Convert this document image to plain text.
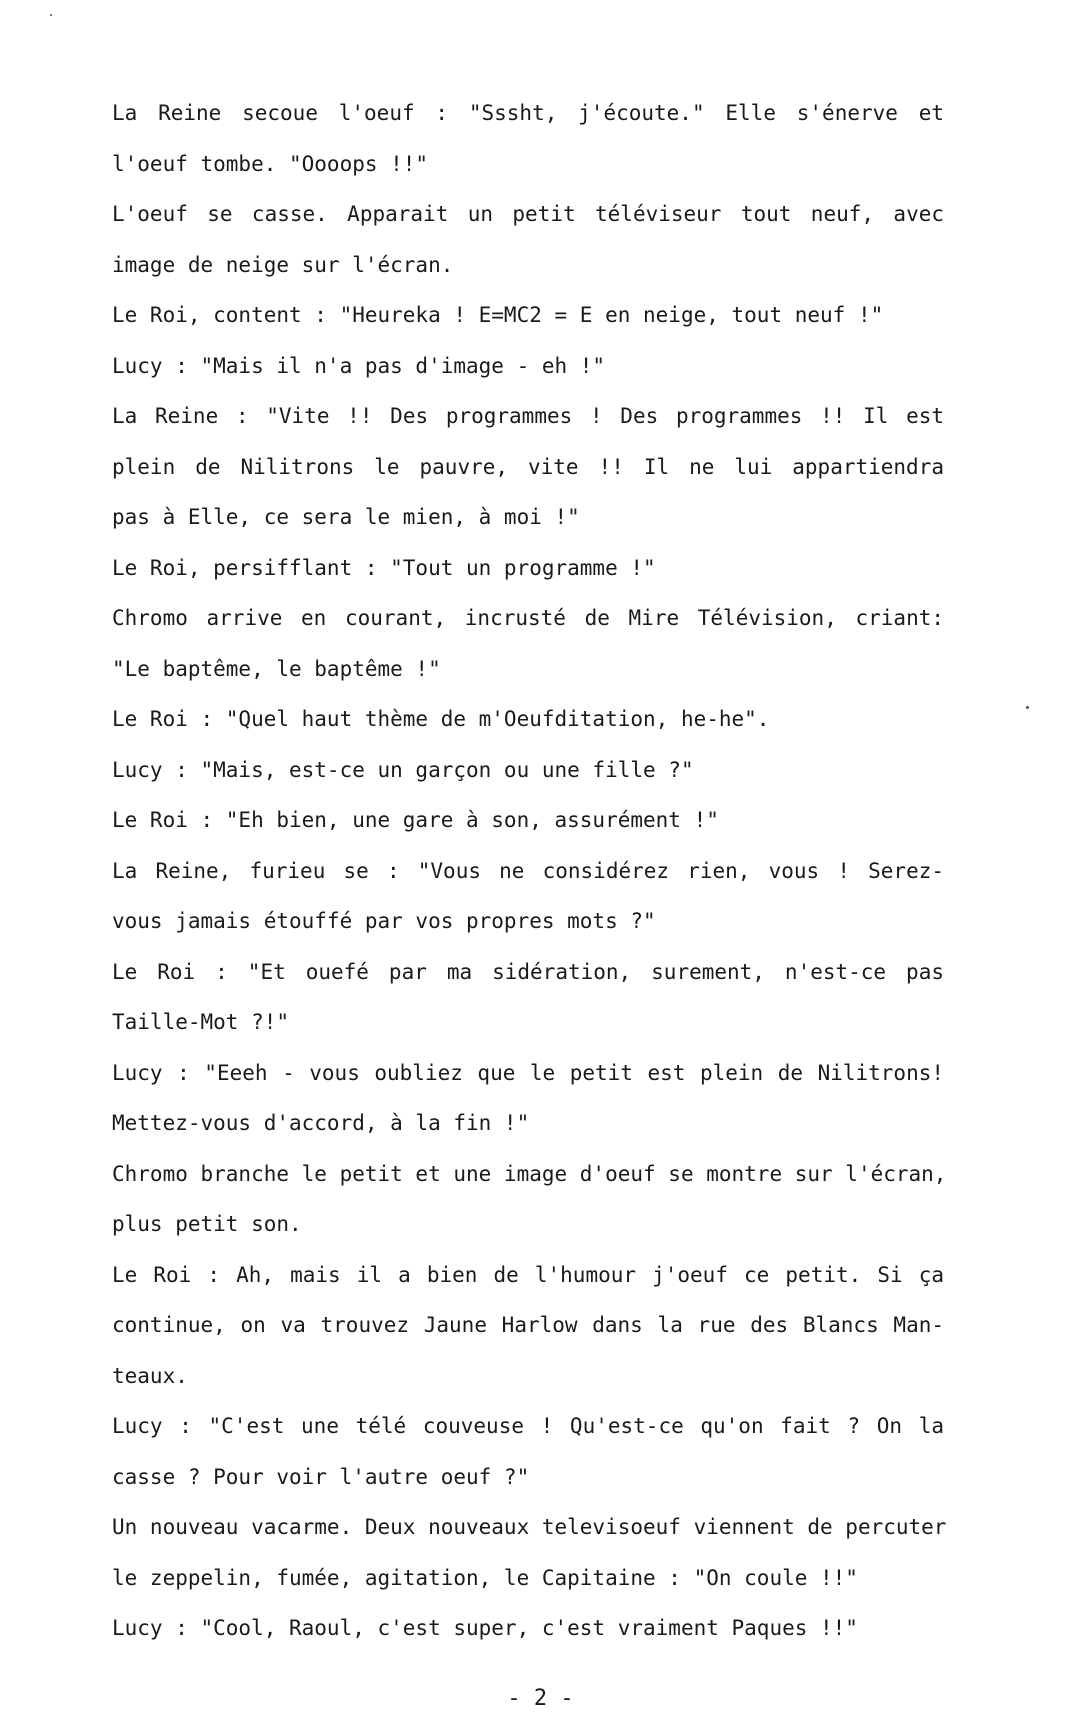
La Reine secoue l'oeuf : "Sssht, j'écoute." Elle s'énerve et
l'oeuf tombe. "Oooops !!"
L'oeuf se casse. Apparait un petit téléviseur tout neuf, avec
image de neige sur l'écran.
Le Roi, content : "Heureka ! E=MC2 = E en neige, tout neuf !"
Lucy : "Mais il n'a pas d'image - eh !"
La Reine : "Vite !! Des programmes ! Des programmes !! Il est
plein de Nilitrons le pauvre, vite !! Il ne lui appartiendra
pas à Elle, ce sera le mien, à moi !"
Le Roi, persifflant : "Tout un programme !"
Chromo arrive en courant, incrusté de Mire Télévision, criant:
"Le baptême, le baptême !"
Le Roi : "Quel haut thème de m'Oeufditation, he-he".
Lucy : "Mais, est-ce un garçon ou une fille ?"
Le Roi : "Eh bien, une gare à son, assurément !"
La Reine, furieu se : "Vous ne considérez rien, vous ! Serez-
vous jamais étouffé par vos propres mots ?"
Le Roi : "Et ouefé par ma sidération, surement, n'est-ce pas
Taille-Mot ?!"
Lucy : "Eeeh - vous oubliez que le petit est plein de Nilitrons!
Mettez-vous d'accord, à la fin !"
Chromo branche le petit et une image d'oeuf se montre sur l'écran,
plus petit son.
Le Roi : Ah, mais il a bien de l'humour j'oeuf ce petit. Si ça
continue, on va trouvez Jaune Harlow dans la rue des Blancs Man-
teaux.
Lucy : "C'est une télé couveuse ! Qu'est-ce qu'on fait ? On la
casse ? Pour voir l'autre oeuf ?"
Un nouveau vacarme. Deux nouveaux televisoeuf viennent de percuter
le zeppelin, fumée, agitation, le Capitaine : "On coule !!"
Lucy : "Cool, Raoul, c'est super, c'est vraiment Paques !!"
- 2 -
